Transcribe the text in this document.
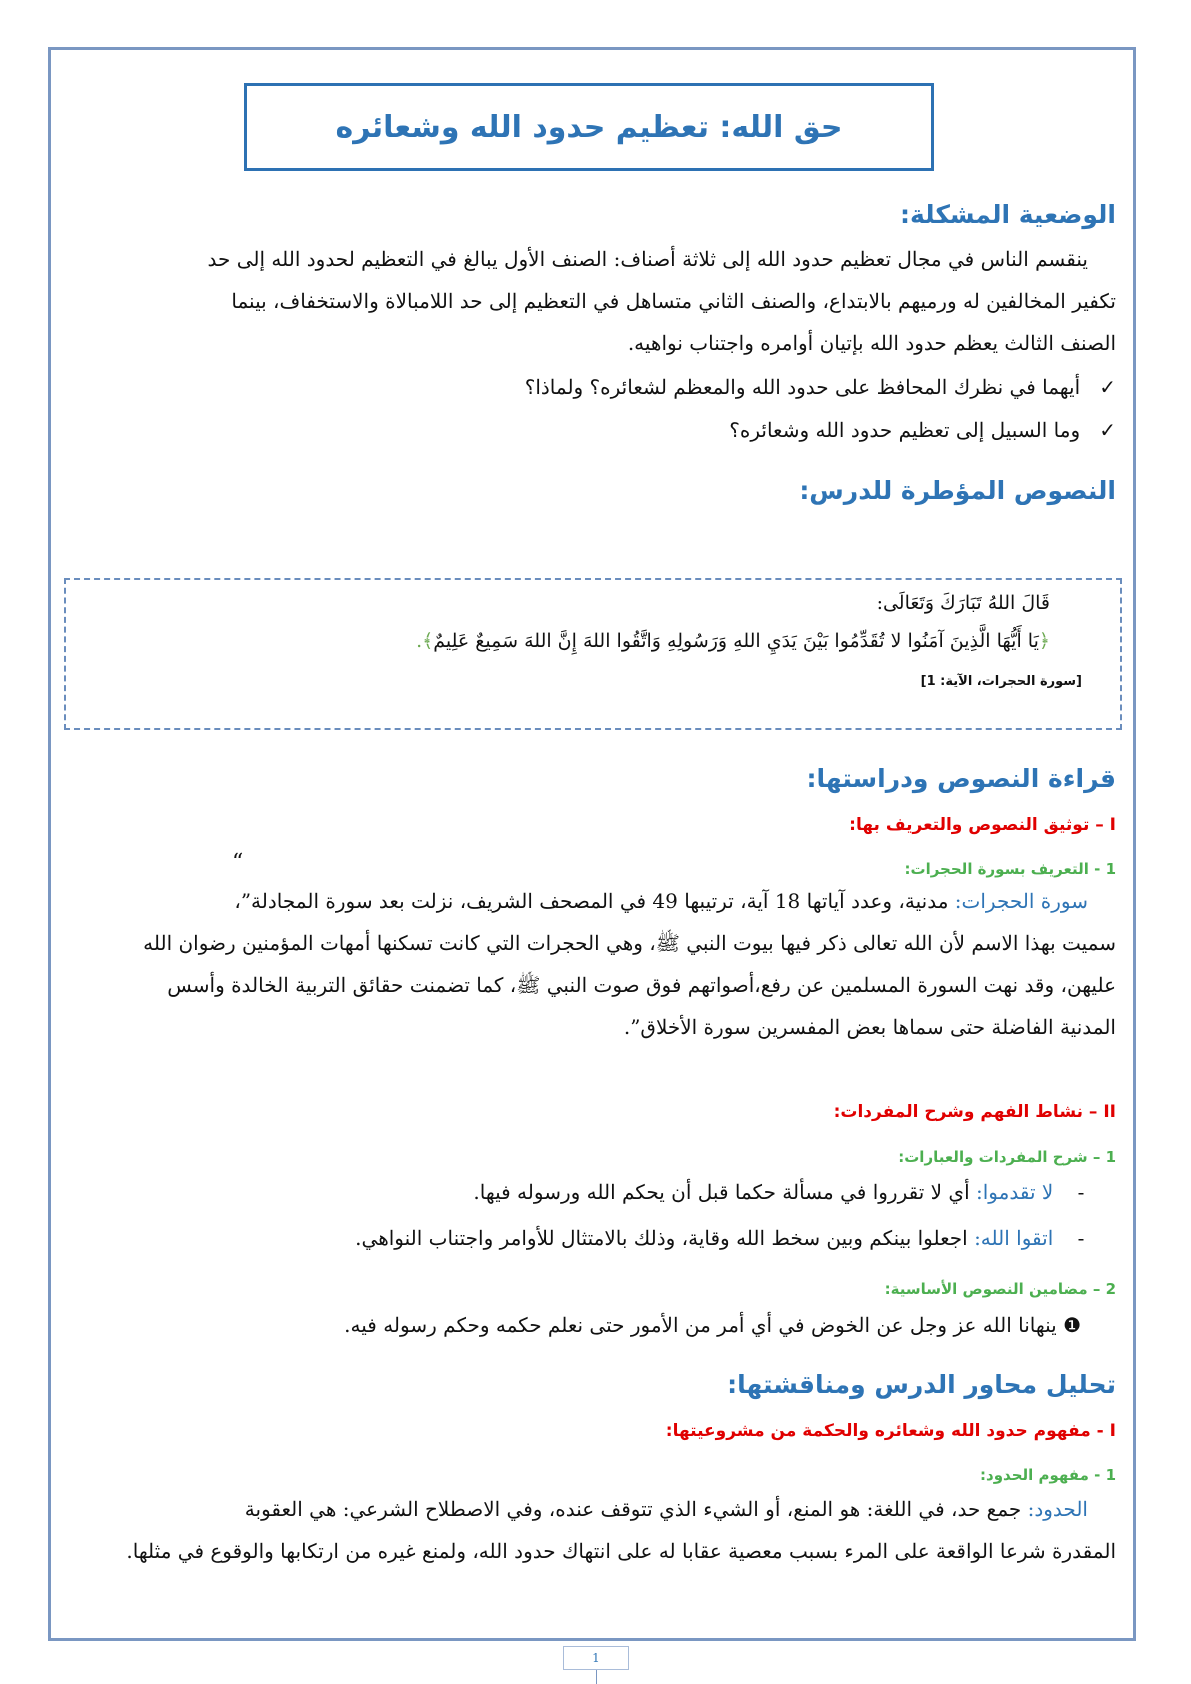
حق الله: تعظيم حدود الله وشعائره
الوضعية المشكلة:
ينقسم الناس في مجال تعظيم حدود الله إلى ثلاثة أصناف: الصنف الأول يبالغ في التعظيم لحدود الله إلى حد
تكفير المخالفين له ورميهم بالابتداع، والصنف الثاني متساهل في التعظيم إلى حد اللامبالاة والاستخفاف، بينما
الصنف الثالث يعظم حدود الله بإتيان أوامره واجتناب نواهيه.
✓   أيهما في نظرك المحافظ على حدود الله والمعظم لشعائره؟ ولماذا؟
✓   وما السبيل إلى تعظيم حدود الله وشعائره؟
النصوص المؤطرة للدرس:
قَالَ اللهُ تَبَارَكَ وَتَعَالَى:
﴿يَا أَيُّهَا الَّذِينَ آمَنُوا لا تُقَدِّمُوا بَيْنَ يَدَيِ اللهِ وَرَسُولِهِ وَاتَّقُوا اللهَ إِنَّ اللهَ سَمِيعٌ عَلِيمٌ﴾.
[سورة الحجرات، الآية: 1]
قراءة النصوص ودراستها:
I – توثيق النصوص والتعريف بها:
1 - التعريف بسورة الحجرات:
“
سورة الحجرات: مدنية، وعدد آياتها 18 آية، ترتيبها 49 في المصحف الشريف، نزلت بعد سورة المجادلة”،
سميت بهذا الاسم لأن الله تعالى ذكر فيها بيوت النبي ﷺ، وهي الحجرات التي كانت تسكنها أمهات المؤمنين رضوان الله
عليهن، وقد نهت السورة المسلمين عن رفع،أصواتهم فوق صوت النبي ﷺ، كما تضمنت حقائق التربية الخالدة وأسس
المدنية الفاضلة حتى سماها بعض المفسرين سورة الأخلاق”.
II – نشاط الفهم وشرح المفردات:
1 – شرح المفردات والعبارات:
-  لا تقدموا: أي لا تقرروا في مسألة حكما قبل أن يحكم الله ورسوله فيها.
-  اتقوا الله: اجعلوا بينكم وبين سخط الله وقاية، وذلك بالامتثال للأوامر واجتناب النواهي.
2 – مضامين النصوص الأساسية:
❶ ينهانا الله عز وجل عن الخوض في أي أمر من الأمور حتى نعلم حكمه وحكم رسوله فيه.
تحليل محاور الدرس ومناقشتها:
I - مفهوم حدود الله وشعائره والحكمة من مشروعيتها:
1 - مفهوم الحدود:
الحدود: جمع حد، في اللغة: هو المنع، أو الشيء الذي تتوقف عنده، وفي الاصطلاح الشرعي: هي العقوبة
المقدرة شرعا الواقعة على المرء بسبب معصية عقابا له على انتهاك حدود الله، ولمنع غيره من ارتكابها والوقوع في مثلها.
1
